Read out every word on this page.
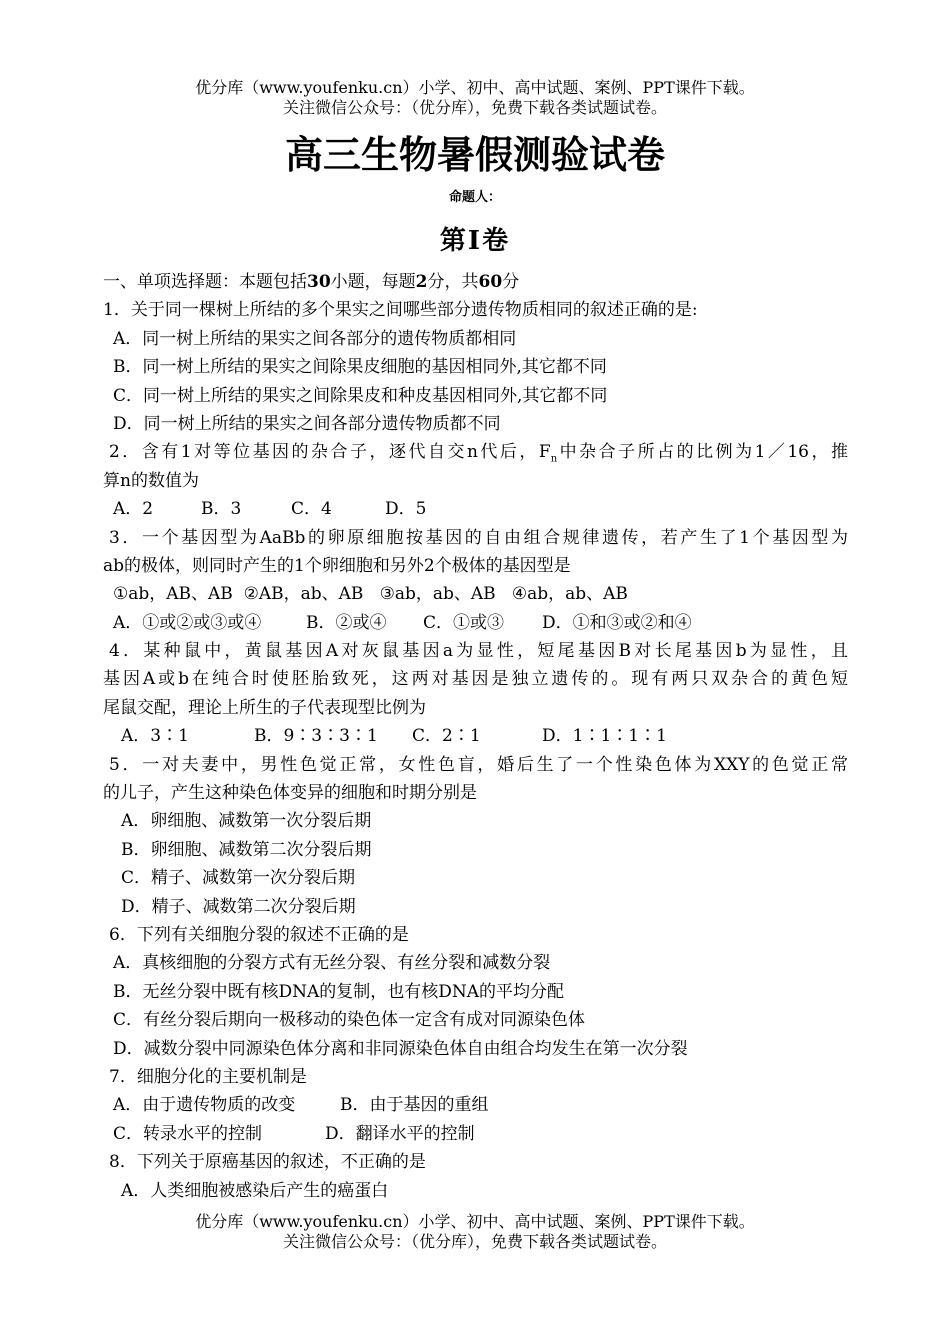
优分库（www.youfenku.cn）小学、初中、高中试题、案例、PPT课件下载。
关注微信公众号：（优分库），免费下载各类试题试卷。
高三生物暑假测验试卷
命题人：
第Ⅰ卷
一、单项选择题：本题包括30小题，每题2分，共60分
1．关于同一棵树上所结的多个果实之间哪些部分遗传物质相同的叙述正确的是:
A．同一树上所结的果实之间各部分的遗传物质都相同
B．同一树上所结的果实之间除果皮细胞的基因相同外,其它都不同
C．同一树上所结的果实之间除果皮和种皮基因相同外,其它都不同
D．同一树上所结的果实之间各部分遗传物质都不同
2．含有1对等位基因的杂合子，逐代自交n代后，$F_n$中杂合子所占的比例为1／16，推
算n的数值为
A．2	B．3	C．4	D．5
3．一个基因型为AaBb的卵原细胞按基因的自由组合规律遗传，若产生了1个基因型为
ab的极体，则同时产生的1个卵细胞和另外2个极体的基因型是
①ab，AB、AB  ②AB，ab、AB   ③ab，ab、AB   ④ab，ab、AB
A．①或②或③或④	B．②或④ C．①或③ D．①和③或②和④
4．某种鼠中，黄鼠基因A对灰鼠基因a为显性，短尾基因B对长尾基因b为显性，且
基因A或b在纯合时使胚胎致死，这两对基因是独立遗传的。现有两只双杂合的黄色短
尾鼠交配，理论上所生的子代表现型比例为
A．3∶1	B．9∶3∶3∶1 C．2∶1	D．1∶1∶1∶1
5．一对夫妻中，男性色觉正常，女性色盲，婚后生了一个性染色体为XXY的色觉正常
的儿子，产生这种染色体变异的细胞和时期分别是
A．卵细胞、减数第一次分裂后期
B．卵细胞、减数第二次分裂后期
C．精子、减数第一次分裂后期
D．精子、减数第二次分裂后期
6．下列有关细胞分裂的叙述不正确的是
A．真核细胞的分裂方式有无丝分裂、有丝分裂和减数分裂
B．无丝分裂中既有核DNA的复制，也有核DNA的平均分配
C．有丝分裂后期向一极移动的染色体一定含有成对同源染色体
D．减数分裂中同源染色体分离和非同源染色体自由组合均发生在第一次分裂
7．细胞分化的主要机制是
A．由于遗传物质的改变	B．由于基因的重组
C．转录水平的控制	D．翻译水平的控制
8．下列关于原癌基因的叙述，不正确的是
A．人类细胞被感染后产生的癌蛋白
优分库（www.youfenku.cn）小学、初中、高中试题、案例、PPT课件下载。
关注微信公众号：（优分库），免费下载各类试题试卷。
